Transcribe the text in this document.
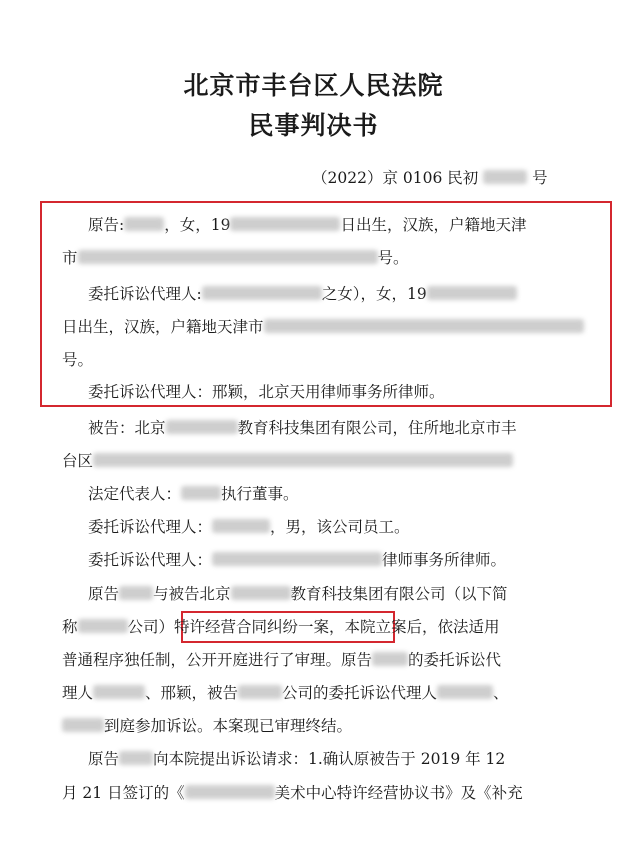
北京市丰台区人民法院
民事判决书
（2022）京 0106 民初	号
原告:	，女，19	日出生，汉族，户籍地天津
市	号。
委托诉讼代理人:	之女），女，19
日出生，汉族，户籍地天津市
号。
委托诉讼代理人：邢颖，北京天用律师事务所律师。
被告：北京	教育科技集团有限公司，住所地北京市丰
台区
法定代表人：	执行董事。
委托诉讼代理人：	，男，该公司员工。
委托诉讼代理人：	律师事务所律师。
原告 与被告北京	教育科技集团有限公司（以下简
称	公司）特许经营合同纠纷一案，本院立案后，依法适用
普通程序独任制，公开开庭进行了审理。原告 的委托诉讼代
理人	、邢颖，被告	公司的委托诉讼代理人	、
到庭参加诉讼。本案现已审理终结。
原告 向本院提出诉讼请求：1.确认原被告于 2019 年 12
月 21 日签订的《	美术中心特许经营协议书》及《补充
